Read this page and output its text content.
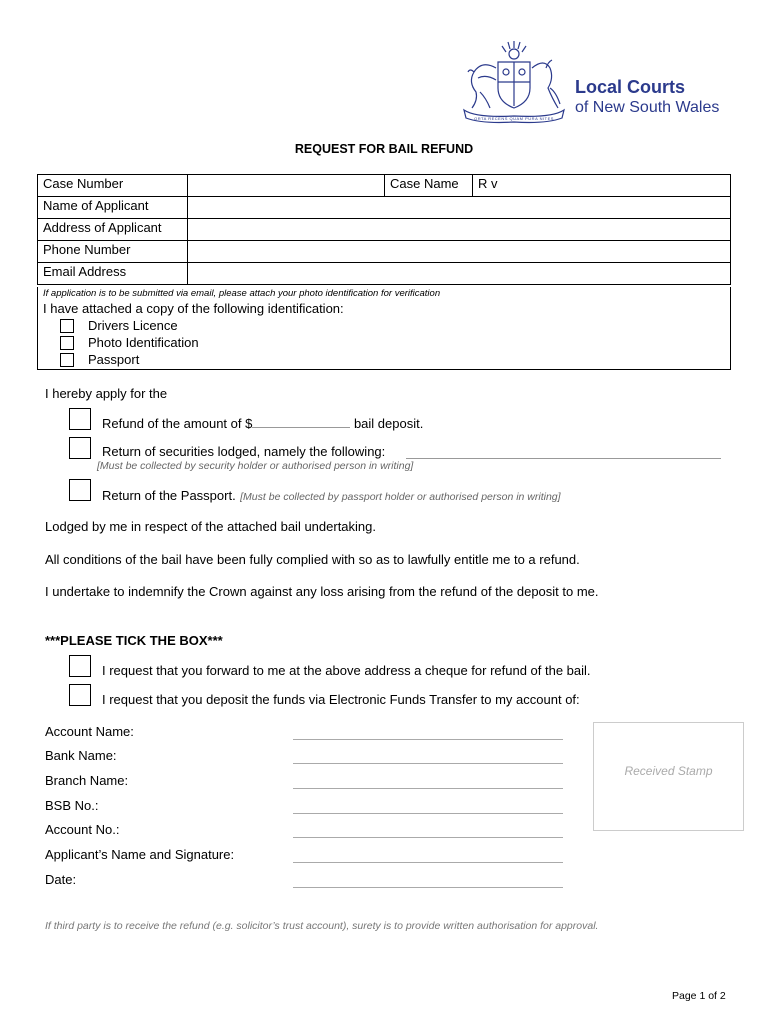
ORTA RECENS QUAM PURA NITES
Local Courts
of New South Wales
REQUEST FOR BAIL REFUND
Case Number		Case Name	R v
Name of Applicant			
Address of Applicant			
Phone Number			
Email Address			
If application is to be submitted via email, please attach your photo identification for verification
I have attached a copy of the following identification:
Drivers Licence
Photo Identification
Passport
I hereby apply for the
Refund of the amount of $	bail deposit.
Return of securities lodged, namely the following:
[Must be collected by security holder or authorised person in writing]
Return of the Passport. [Must be collected by passport holder or authorised person in writing]
Lodged by me in respect of the attached bail undertaking.
All conditions of the bail have been fully complied with so as to lawfully entitle me to a refund.
I undertake to indemnify the Crown against any loss arising from the refund of the deposit to me.
***PLEASE TICK THE BOX***
I request that you forward to me at the above address a cheque for refund of the bail.
I request that you deposit the funds via Electronic Funds Transfer to my account of:
Account Name:
Bank Name:
Branch Name:
BSB No.:
Account No.:
Applicant’s Name and Signature:
Date:
Received Stamp
If third party is to receive the refund (e.g. solicitor’s trust account), surety is to provide written authorisation for approval.
Page 1 of 2
